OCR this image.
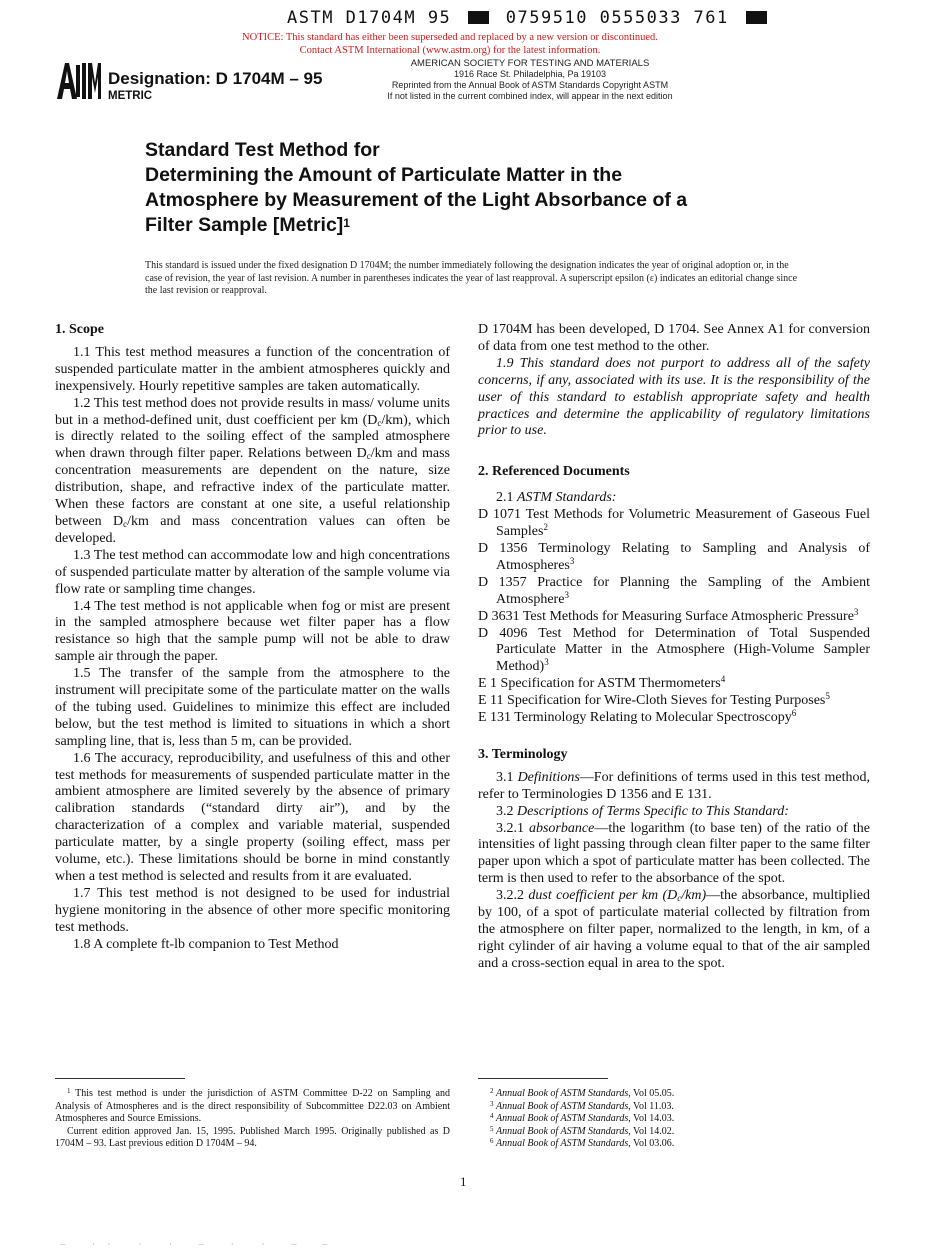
ASTM D1704M 95	0759510 0555033 761
NOTICE: This standard has either been superseded and replaced by a new version or discontinued.
Contact ASTM International (www.astm.org) for the latest information.
Designation: D 1704M – 95
METRIC
AMERICAN SOCIETY FOR TESTING AND MATERIALS
1916 Race St. Philadelphia, Pa 19103
Reprinted from the Annual Book of ASTM Standards Copyright ASTM
If not listed in the current combined index, will appear in the next edition
Standard Test Method for
Determining the Amount of Particulate Matter in the
Atmosphere by Measurement of the Light Absorbance of a
Filter Sample [Metric]$^1$
This standard is issued under the fixed designation D 1704M; the number immediately following the designation indicates the year of original adoption or, in the case of revision, the year of last revision. A number in parentheses indicates the year of last reapproval. A superscript epsilon (ε) indicates an editorial change since the last revision or reapproval.

1. Scope

1.1 This test method measures a function of the concentration of suspended particulate matter in the ambient atmospheres quickly and inexpensively. Hourly repetitive samples are taken automatically.

1.2 This test method does not provide results in mass/ volume units but in a method-defined unit, dust coefficient per km $(D_c/km)$, which is directly related to the soiling effect of the sampled atmosphere when drawn through filter paper. Relations between $D_c/km$ and mass concentration measurements are dependent on the nature, size distribution, shape, and refractive index of the particulate matter. When these factors are constant at one site, a useful relationship between $D_c/km$ and mass concentration values can often be developed.

1.3 The test method can accommodate low and high concentrations of suspended particulate matter by alteration of the sample volume via flow rate or sampling time changes.

1.4 The test method is not applicable when fog or mist are present in the sampled atmosphere because wet filter paper has a flow resistance so high that the sample pump will not be able to draw sample air through the paper.

1.5 The transfer of the sample from the atmosphere to the instrument will precipitate some of the particulate matter on the walls of the tubing used. Guidelines to minimize this effect are included below, but the test method is limited to situations in which a short sampling line, that is, less than 5 m, can be provided.

1.6 The accuracy, reproducibility, and usefulness of this and other test methods for measurements of suspended particulate matter in the ambient atmosphere are limited severely by the absence of primary calibration standards (“standard dirty air”), and by the characterization of a complex and variable material, suspended particulate matter, by a single property (soiling effect, mass per volume, etc.). These limitations should be borne in mind constantly when a test method is selected and results from it are evaluated.

1.7 This test method is not designed to be used for industrial hygiene monitoring in the absence of other more specific monitoring test methods.

1.8 A complete ft-lb companion to Test Method

D 1704M has been developed, D 1704. See Annex A1 for conversion of data from one test method to the other.

1.9 This standard does not purport to address all of the safety concerns, if any, associated with its use. It is the responsibility of the user of this standard to establish appropriate safety and health practices and determine the applicability of regulatory limitations prior to use.

2. Referenced Documents

2.1 ASTM Standards:

D 1071 Test Methods for Volumetric Measurement of Gaseous Fuel Samples$^2$

D 1356 Terminology Relating to Sampling and Analysis of Atmospheres$^3$

D 1357 Practice for Planning the Sampling of the Ambient Atmosphere$^3$

D 3631 Test Methods for Measuring Surface Atmospheric Pressure$^3$

D 4096 Test Method for Determination of Total Suspended Particulate Matter in the Atmosphere (High-Volume Sampler Method)$^3$

E 1 Specification for ASTM Thermometers$^4$

E 11 Specification for Wire-Cloth Sieves for Testing Purposes$^5$

E 131 Terminology Relating to Molecular Spectroscopy$^6$

3. Terminology

3.1 Definitions—For definitions of terms used in this test method, refer to Terminologies D 1356 and E 131.

3.2 Descriptions of Terms Specific to This Standard:

3.2.1 absorbance—the logarithm (to base ten) of the ratio of the intensities of light passing through clean filter paper to the same filter paper upon which a spot of particulate matter has been collected. The term is then used to refer to the absorbance of the spot.

3.2.2 dust coefficient per km $(D_c/km)—the$ absorbance, multiplied by 100, of a spot of particulate material collected by filtration from the atmosphere on filter paper, normalized to the length, in km, of a right cylinder of air having a volume equal to that of the air sampled and a cross-section equal in area to the spot.

$^1$ This test method is under the jurisdiction of ASTM Committee D-22 on Sampling and Analysis of Atmospheres and is the direct responsibility of Subcommittee D22.03 on Ambient Atmospheres and Source Emissions.

Current edition approved Jan. 15, 1995. Published March 1995. Originally published as D 1704M – 93. Last previous edition D 1704M – 94.

$^2$ Annual Book of ASTM Standards, Vol 05.05.

$^3$ Annual Book of ASTM Standards, Vol 11.03.

$^4$ Annual Book of ASTM Standards, Vol 14.03.

$^5$ Annual Book of ASTM Standards, Vol 14.02.

$^6$ Annual Book of ASTM Standards, Vol 03.06.

1
— ·· · · — · · — —
